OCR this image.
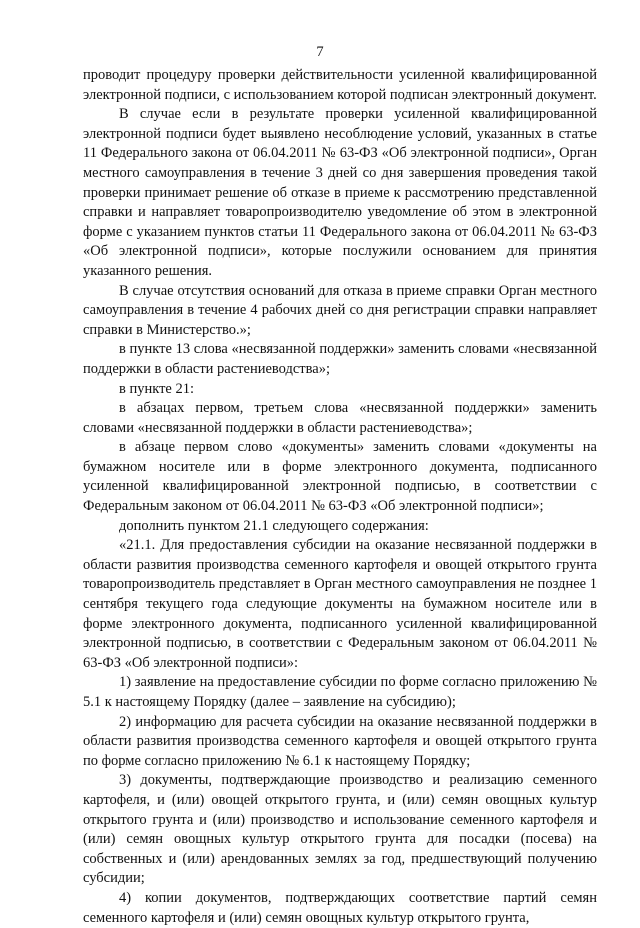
7

проводит процедуру проверки действительности усиленной квалифицированной электронной подписи, с использованием которой подписан электронный документ.

В случае если в результате проверки усиленной квалифицированной электронной подписи будет выявлено несоблюдение условий, указанных в статье 11 Федерального закона от 06.04.2011 № 63-ФЗ «Об электронной подписи», Орган местного самоуправления в течение 3 дней со дня завершения проведения такой проверки принимает решение об отказе в приеме к рассмотрению представленной справки и направляет товаропроизводителю уведомление об этом в электронной форме с указанием пунктов статьи 11 Федерального закона от 06.04.2011 № 63-ФЗ «Об электронной подписи», которые послужили основанием для принятия указанного решения.

В случае отсутствия оснований для отказа в приеме справки Орган местного самоуправления в течение 4 рабочих дней со дня регистрации справки направляет справки в Министерство.»;

в пункте 13 слова «несвязанной поддержки» заменить словами «несвязанной поддержки в области растениеводства»;

в пункте 21:

в абзацах первом, третьем слова «несвязанной поддержки» заменить словами «несвязанной поддержки в области растениеводства»;

в абзаце первом слово «документы» заменить словами «документы на бумажном носителе или в форме электронного документа, подписанного усиленной квалифицированной электронной подписью, в соответствии с Федеральным законом от 06.04.2011 № 63-ФЗ «Об электронной подписи»;

дополнить пунктом 21.1 следующего содержания:

«21.1. Для предоставления субсидии на оказание несвязанной поддержки в области развития производства семенного картофеля и овощей открытого грунта товаропроизводитель представляет в Орган местного самоуправления не позднее 1 сентября текущего года следующие документы на бумажном носителе или в форме электронного документа, подписанного усиленной квалифицированной электронной подписью, в соответствии с Федеральным законом от 06.04.2011 № 63-ФЗ «Об электронной подписи»:

1) заявление на предоставление субсидии по форме согласно приложению № 5.1 к настоящему Порядку (далее – заявление на субсидию);

2) информацию для расчета субсидии на оказание несвязанной поддержки в области развития производства семенного картофеля и овощей открытого грунта по форме согласно приложению № 6.1 к настоящему Порядку;

3) документы, подтверждающие производство и реализацию семенного картофеля, и (или) овощей открытого грунта, и (или) семян овощных культур открытого грунта и (или) производство и использование семенного картофеля и (или) семян овощных культур открытого грунта для посадки (посева) на собственных и (или) арендованных землях за год, предшествующий получению субсидии;

4) копии документов, подтверждающих соответствие партий семян семенного картофеля и (или) семян овощных культур открытого грунта,
